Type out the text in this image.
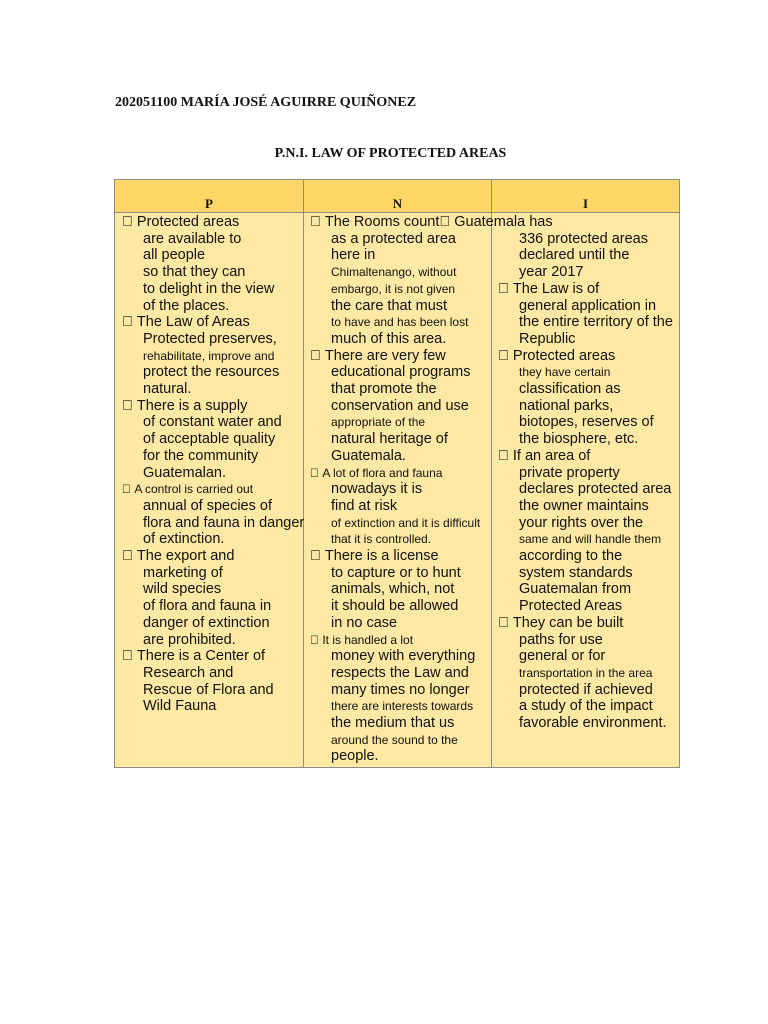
202051100 MARÍA JOSÉ AGUIRRE QUIÑONEZ
P.N.I. LAW OF PROTECTED AREAS
P	N	I
Protected areas
are available to
all people
so that they can
to delight in the view
of the places.
The Law of Areas
Protected preserves,
rehabilitate, improve and
protect the resources
natural.
There is a supply
of constant water and
of acceptable quality
for the community
Guatemalan.
A control is carried out
annual of species of
flora and fauna in danger
of extinction.
The export and
marketing of
wild species
of flora and fauna in
danger of extinction
are prohibited.
There is a Center of
Research and
Rescue of Flora and
Wild Fauna
The Rooms count Guatemala has
as a protected area
here in
Chimaltenango, without
embargo, it is not given
the care that must
to have and has been lost
much of this area.
There are very few
educational programs
that promote the
conservation and use
appropriate of the
natural heritage of
Guatemala.
A lot of flora and fauna
nowadays it is
find at risk
of extinction and it is difficult
that it is controlled.
There is a license
to capture or to hunt
animals, which, not
it should be allowed
in no case
It is handled a lot
money with everything
respects the Law and
many times no longer
there are interests towards
the medium that us
around the sound to the
people.
336 protected areas
declared until the
year 2017
The Law is of
general application in
the entire territory of the
Republic
Protected areas
they have certain
classification as
national parks,
biotopes, reserves of
the biosphere, etc.
If an area of
private property
declares protected area
the owner maintains
your rights over the
same and will handle them
according to the
system standards
Guatemalan from
Protected Areas
They can be built
paths for use
general or for
transportation in the area
protected if achieved
a study of the impact
favorable environment.
